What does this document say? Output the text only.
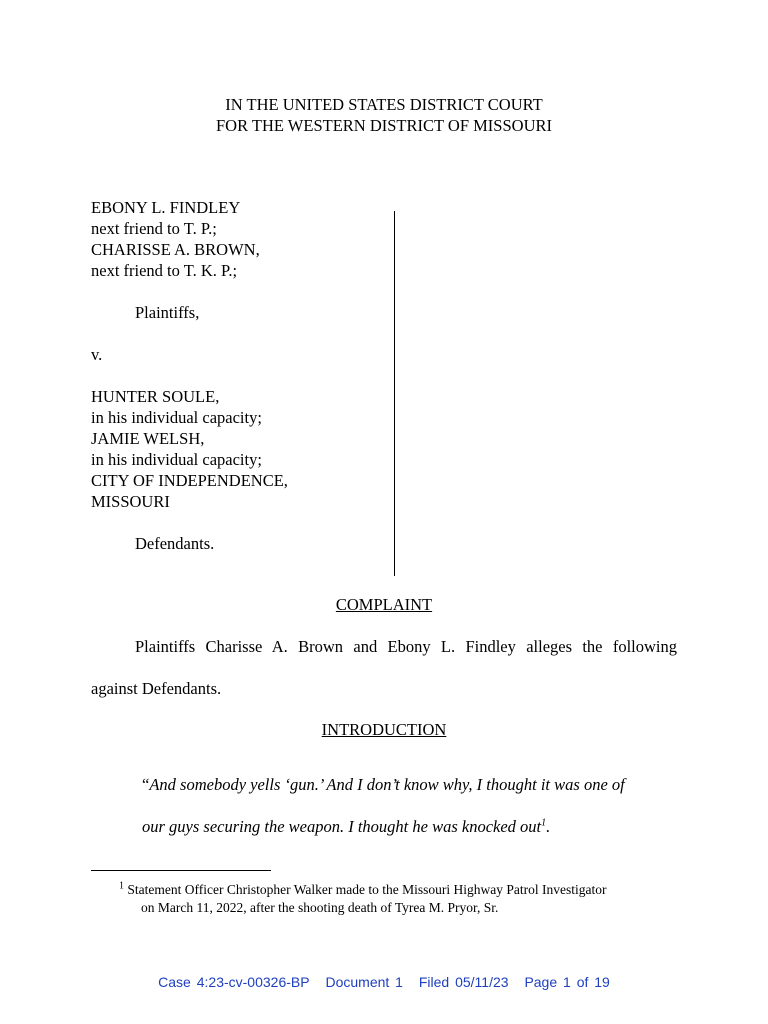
IN THE UNITED STATES DISTRICT COURT
FOR THE WESTERN DISTRICT OF MISSOURI
EBONY L. FINDLEY
next friend to T. P.;
CHARISSE A. BROWN,
next friend to T. K. P.;
Plaintiffs,
v.
HUNTER SOULE,
in his individual capacity;
JAMIE WELSH,
in his individual capacity;
CITY OF INDEPENDENCE,
MISSOURI
Defendants.
COMPLAINT
Plaintiffs Charisse A. Brown and Ebony L. Findley alleges the following
against Defendants.
INTRODUCTION
“And somebody yells ‘gun.’ And I don’t know why, I thought it was one of
our guys securing the weapon. I thought he was knocked out$^1$.
$^1$ Statement Officer Christopher Walker made to the Missouri Highway Patrol Investigator
on March 11, 2022, after the shooting death of Tyrea M. Pryor, Sr.
Case 4:23-cv-00326-BP Document 1 Filed 05/11/23 Page 1 of 19
